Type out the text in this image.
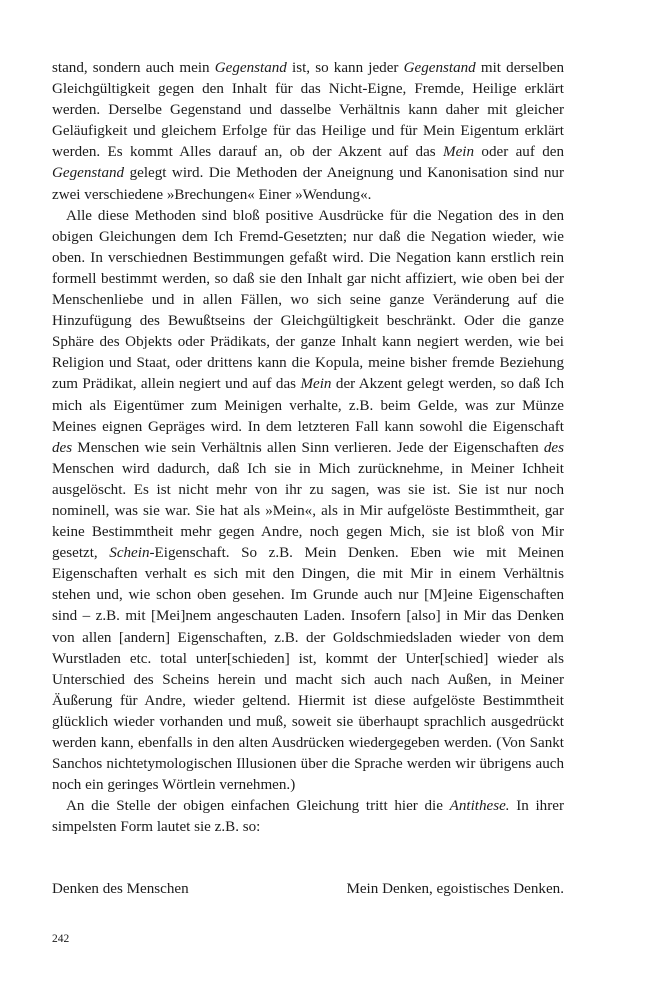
stand, sondern auch mein Gegenstand ist, so kann jeder Gegenstand mit derselben Gleichgültigkeit gegen den Inhalt für das Nicht-Eigne, Fremde, Heilige erklärt werden. Derselbe Gegenstand und dasselbe Verhältnis kann daher mit gleicher Geläufigkeit und gleichem Erfolge für das Heilige und für Mein Eigentum erklärt werden. Es kommt Alles darauf an, ob der Akzent auf das Mein oder auf den Gegenstand gelegt wird. Die Methoden der Aneignung und Kanonisation sind nur zwei verschiedene »Brechungen« Einer »Wendung«.

Alle diese Methoden sind bloß positive Ausdrücke für die Negation des in den obigen Gleichungen dem Ich Fremd-Gesetzten; nur daß die Negation wieder, wie oben. In verschiednen Bestimmungen gefaßt wird. Die Negation kann erstlich rein formell bestimmt werden, so daß sie den Inhalt gar nicht affiziert, wie oben bei der Menschenliebe und in allen Fällen, wo sich seine ganze Veränderung auf die Hinzufügung des Bewußtseins der Gleichgültigkeit beschränkt. Oder die ganze Sphäre des Objekts oder Prädikats, der ganze Inhalt kann negiert werden, wie bei Religion und Staat, oder drittens kann die Kopula, meine bisher fremde Beziehung zum Prädikat, allein negiert und auf das Mein der Akzent gelegt werden, so daß Ich mich als Eigentümer zum Meinigen verhalte, z.B. beim Gelde, was zur Münze Meines eignen Gepräges wird. In dem letzteren Fall kann sowohl die Eigenschaft des Menschen wie sein Verhältnis allen Sinn verlieren. Jede der Eigenschaften des Menschen wird dadurch, daß Ich sie in Mich zurücknehme, in Meiner Ichheit ausgelöscht. Es ist nicht mehr von ihr zu sagen, was sie ist. Sie ist nur noch nominell, was sie war. Sie hat als »Mein«, als in Mir aufgelöste Bestimmtheit, gar keine Bestimmtheit mehr gegen Andre, noch gegen Mich, sie ist bloß von Mir gesetzt, Schein-Eigenschaft. So z.B. Mein Denken. Eben wie mit Meinen Eigenschaften verhalt es sich mit den Dingen, die mit Mir in einem Verhältnis stehen und, wie schon oben gesehen. Im Grunde auch nur [M]eine Eigenschaften sind – z.B. mit [Mei]nem angeschauten Laden. Insofern [also] in Mir das Denken von allen [andern] Eigenschaften, z.B. der Goldschmiedsladen wieder von dem Wurstladen etc. total unter[schieden] ist, kommt der Unter[schied] wieder als Unterschied des Scheins herein und macht sich auch nach Außen, in Meiner Äußerung für Andre, wieder geltend. Hiermit ist diese aufgelöste Bestimmtheit glücklich wieder vorhanden und muß, soweit sie überhaupt sprachlich ausgedrückt werden kann, ebenfalls in den alten Ausdrücken wiedergegeben werden. (Von Sankt Sanchos nichtetymologischen Illusionen über die Sprache werden wir übrigens auch noch ein geringes Wörtlein vernehmen.)

An die Stelle der obigen einfachen Gleichung tritt hier die Antithese. In ihrer simpelsten Form lautet sie z.B. so:

Denken des Menschen	Mein Denken, egoistisches Denken.
242
